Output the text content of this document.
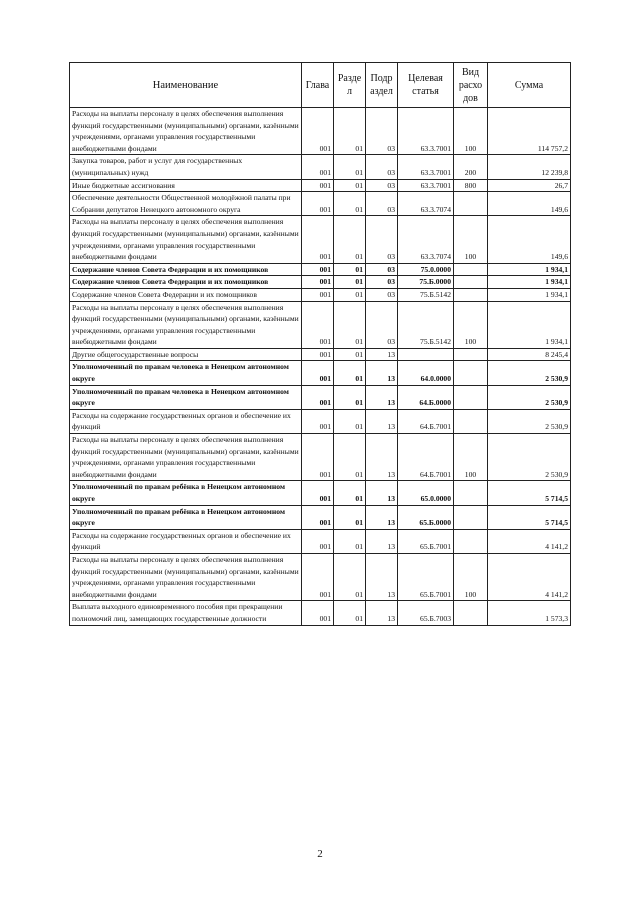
Наименование	Глава	Разде л	Подр аздел	Целевая статья	Вид расхо дов	Сумма
Расходы на выплаты персоналу в целях обеспечения выполнения функций государственными (муниципальными) органами, казёнными учреждениями, органами управления государственными внебюджетными фондами	001	01	03	63.3.7001	100	114 757,2
Закупка товаров, работ и услуг для государственных (муниципальных) нужд	001	01	03	63.3.7001	200	12 239,8
Иные бюджетные ассигнования	001	01	03	63.3.7001	800	26,7
Обеспечение деятельности Общественной молодёжной палаты при Собрании депутатов Ненецкого автономного округа	001	01	03	63.3.7074		149,6
Расходы на выплаты персоналу в целях обеспечения выполнения функций государственными (муниципальными) органами, казёнными учреждениями, органами управления государственными внебюджетными фондами	001	01	03	63.3.7074	100	149,6
Содержание членов Совета Федерации и их помощников	001	01	03	75.0.0000		1 934,1
Содержание членов Совета Федерации и их помощников	001	01	03	75.Б.0000		1 934,1
Содержание членов Совета Федерации и их помощников	001	01	03	75.Б.5142		1 934,1
Расходы на выплаты персоналу в целях обеспечения выполнения функций государственными (муниципальными) органами, казёнными учреждениями, органами управления государственными внебюджетными фондами	001	01	03	75.Б.5142	100	1 934,1
Другие общегосударственные вопросы	001	01	13			8 245,4
Уполномоченный по правам человека в Ненецком автономном округе	001	01	13	64.0.0000		2 530,9
Уполномоченный по правам человека в Ненецком автономном округе	001	01	13	64.Б.0000		2 530,9
Расходы на содержание государственных органов и обеспечение их функций	001	01	13	64.Б.7001		2 530,9
Расходы на выплаты персоналу в целях обеспечения выполнения функций государственными (муниципальными) органами, казёнными учреждениями, органами управления государственными внебюджетными фондами	001	01	13	64.Б.7001	100	2 530,9
Уполномоченный по правам ребёнка в Ненецком автономном округе	001	01	13	65.0.0000		5 714,5
Уполномоченный по правам ребёнка в Ненецком автономном округе	001	01	13	65.Б.0000		5 714,5
Расходы на содержание государственных органов и обеспечение их функций	001	01	13	65.Б.7001		4 141,2
Расходы на выплаты персоналу в целях обеспечения выполнения функций государственными (муниципальными) органами, казёнными учреждениями, органами управления государственными внебюджетными фондами	001	01	13	65.Б.7001	100	4 141,2
Выплата выходного единовременного пособия при прекращении полномочий лиц, замещающих государственные должности	001	01	13	65.Б.7003		1 573,3
2
